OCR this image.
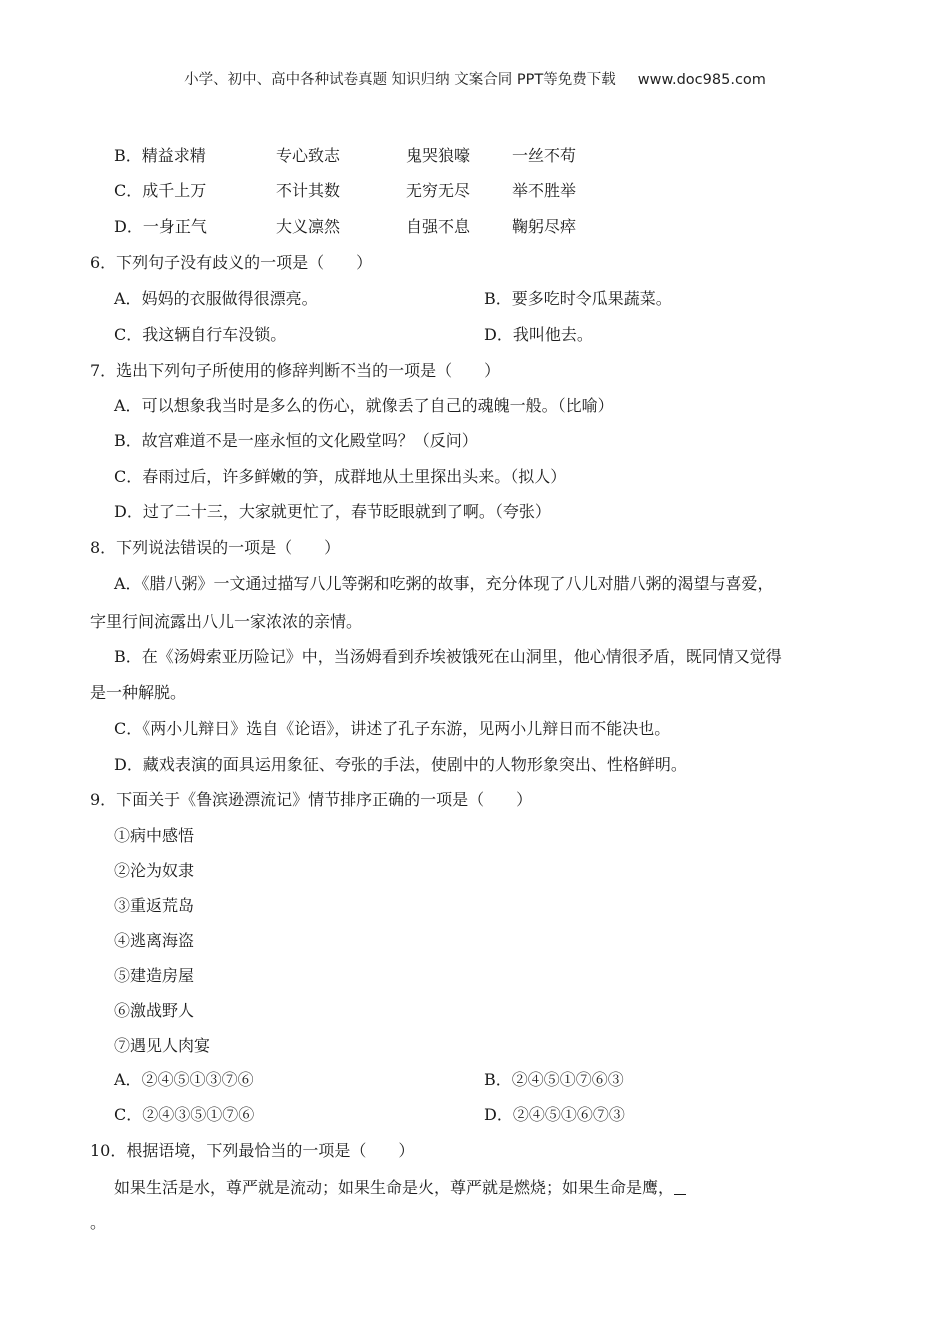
小学、初中、高中各种试卷真题 知识归纳 文案合同 PPT等免费下载 www.doc985.com
B．精益求精	专心致志	鬼哭狼嚎	一丝不苟
C．成千上万	不计其数	无穷无尽	举不胜举
D．一身正气	大义凛然	自强不息	鞠躬尽瘁
6．下列句子没有歧义的一项是（　　）
A．妈妈的衣服做得很漂亮。	B．要多吃时令瓜果蔬菜。
C．我这辆自行车没锁。	D．我叫他去。
7．选出下列句子所使用的修辞判断不当的一项是（　　）
A．可以想象我当时是多么的伤心，就像丢了自己的魂魄一般。（比喻）
B．故宫难道不是一座永恒的文化殿堂吗？（反问）
C．春雨过后，许多鲜嫩的笋，成群地从土里探出头来。（拟人）
D．过了二十三，大家就更忙了，春节眨眼就到了啊。（夸张）
8．下列说法错误的一项是（　　）
A．《腊八粥》一文通过描写八儿等粥和吃粥的故事，充分体现了八儿对腊八粥的渴望与喜爱，
字里行间流露出八儿一家浓浓的亲情。
B．在《汤姆索亚历险记》中，当汤姆看到乔埃被饿死在山洞里，他心情很矛盾，既同情又觉得
是一种解脱。
C．《两小儿辩日》选自《论语》，讲述了孔子东游，见两小儿辩日而不能决也。
D．藏戏表演的面具运用象征、夸张的手法，使剧中的人物形象突出、性格鲜明。
9．下面关于《鲁滨逊漂流记》情节排序正确的一项是（　　）
①病中感悟
②沦为奴隶
③重返荒岛
④逃离海盗
⑤建造房屋
⑥激战野人
⑦遇见人肉宴
A．②④⑤①③⑦⑥	B．②④⑤①⑦⑥③
C．②④③⑤①⑦⑥	D．②④⑤①⑥⑦③
10．根据语境，下列最恰当的一项是（　　）
如果生活是水，尊严就是流动；如果生命是火，尊严就是燃烧；如果生命是鹰，
。
